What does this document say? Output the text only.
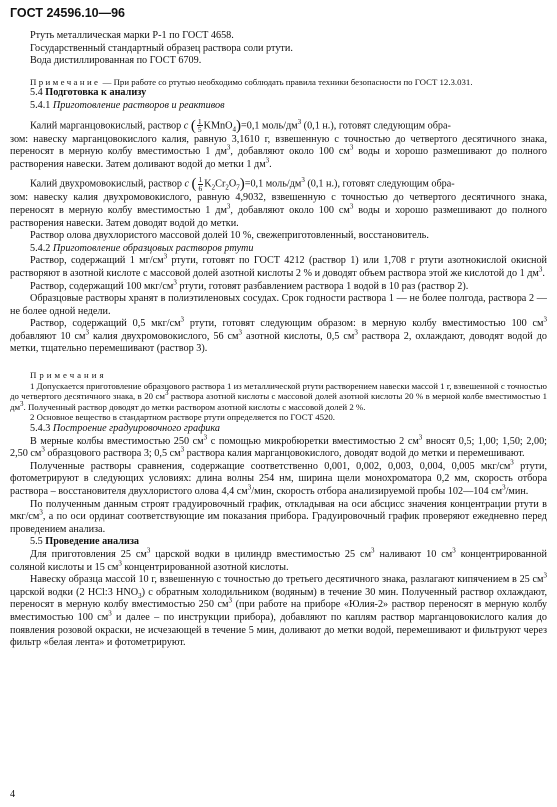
ГОСТ 24596.10—96

Ртуть металлическая марки Р-1 по ГОСТ 4658.

Государственный стандартный образец раствора соли ртути.

Вода дистиллированная по ГОСТ 6709.

Примечание — При работе со ртутью необходимо соблюдать правила техники безопасности по ГОСТ 12.3.031.

5.4 Подготовка к анализу

5.4.1 Приготовление растворов и реактивов

Калий марганцовокислый, раствор c ( $\frac{1}{5}$ KMnO$_4$)=0,1 моль/$дм^3$ (0,1 н.), готовят следующим обра-

зом: навеску марганцовокислого калия, равную 3,1610 г, взвешенную с точностью до четвертого десятичного знака, переносят в мерную колбу вместимостью 1 $дм^3$, добавляют около 100 $см^3$ воды и хорошо размешивают до полного растворения навески. Затем доливают водой до метки 1 $дм^3$.

Калий двухромовокислый, раствор c ( $\frac{1}{6} K_2Cr_2O_7)=0,1$ моль/$дм^3$ (0,1 н.), готовят следующим обра-

зом: навеску калия двухромовокислого, равную 4,9032, взвешенную с точностью до четвертого десятичного знака, переносят в мерную колбу вместимостью 1 $дм^3$, добавляют около 100 $см^3$ воды и хорошо размешивают до полного растворения навески. Затем доводят водой до метки.

Раствор олова двухлористого массовой долей 10 %, свежеприготовленный, восстановитель.

5.4.2 Приготовление образцовых растворов ртути

Раствор, содержащий 1 $мг/см^3$ ртути, готовят по ГОСТ 4212 (раствор 1) или 1,708 г ртути азотнокислой окисной растворяют в азотной кислоте с массовой долей азотной кислоты 2 % и доводят объем раствора этой же кислотой до 1 $дм^3$.

Раствор, содержащий 100 мкг/$см^3$ ртути, готовят разбавлением раствора 1 водой в 10 раз (раствор 2).

Образцовые растворы хранят в полиэтиленовых сосудах. Срок годности раствора 1 — не более полгода, раствора 2 — не более одной недели.

Раствор, содержащий 0,5 мкг/$см^3$ ртути, готовят следующим образом: в мерную колбу вместимостью 100 $см^3$ добавляют 10 $см^3$ калия двухромовокислого, 56 $см^3$ азотной кислоты, 0,5 $см^3$ раствора 2, охлаждают, доводят водой до метки, тщательно перемешивают (раствор 3).

Примечания

1 Допускается приготовление образцового раствора 1 из металлической ртути растворением навески массой 1 г, взвешенной с точностью до четвертого десятичного знака, в 20 $см^3$ раствора азотной кислоты с массовой долей азотной кислоты 20 % в мерной колбе вместимостью 1 $дм^3$. Полученный раствор доводят до метки раствором азотной кислоты с массовой долей 2 %.

2 Основное вещество в стандартном растворе ртути определяется по ГОСТ 4520.

5.4.3 Построение градуировочного графика

В мерные колбы вместимостью 250 $см^3$ с помощью микробюретки вместимостью 2 $см^3$ вносят 0,5; 1,00; 1,50; 2,00; 2,50 $см^3$ образцового раствора 3; 0,5 $см^3$ раствора калия марганцовокислого, доводят водой до метки и перемешивают.

Полученные растворы сравнения, содержащие соответственно 0,001, 0,002, 0,003, 0,004, 0,005 мкг/$см^3$ ртути, фотометрируют в следующих условиях: длина волны 254 нм, ширина щели монохроматора 0,2 мм, скорость отбора раствора – восстановителя двухлористого олова 4,4 $см^3$/мин, скорость отбора анализируемой пробы 102—104 $см^3$/мин.

По полученным данным строят градуировочный график, откладывая на оси абсцисс значения концентрации ртути в мкг/$см^3$, а по оси ординат соответствующие им показания прибора. Градуировочный график проверяют ежедневно перед проведением анализа.

5.5 Проведение анализа

Для приготовления 25 $см^3$ царской водки в цилиндр вместимостью 25 $см^3$ наливают 10 $см^3$ концентрированной соляной кислоты и 15 $см^3$ концентрированной азотной кислоты.

Навеску образца массой 10 г, взвешенную с точностью до третьего десятичного знака, разлагают кипячением в 25 $см^3$ царской водки (2 HCl:3 $HNO_3$) с обратным холодильником (водяным) в течение 30 мин. Полученный раствор охлаждают, переносят в мерную колбу вместимостью 250 $см^3$ (при работе на приборе «Юлия-2» раствор переносят в мерную колбу вместимостью 100 $см^3$ и далее – по инструкции прибора), добавляют по каплям раствор марганцовокислого калия до появления розовой окраски, не исчезающей в течение 5 мин, доливают до метки водой, перемешивают и фильтруют через фильтр «белая лента» и фотометрируют.

4
